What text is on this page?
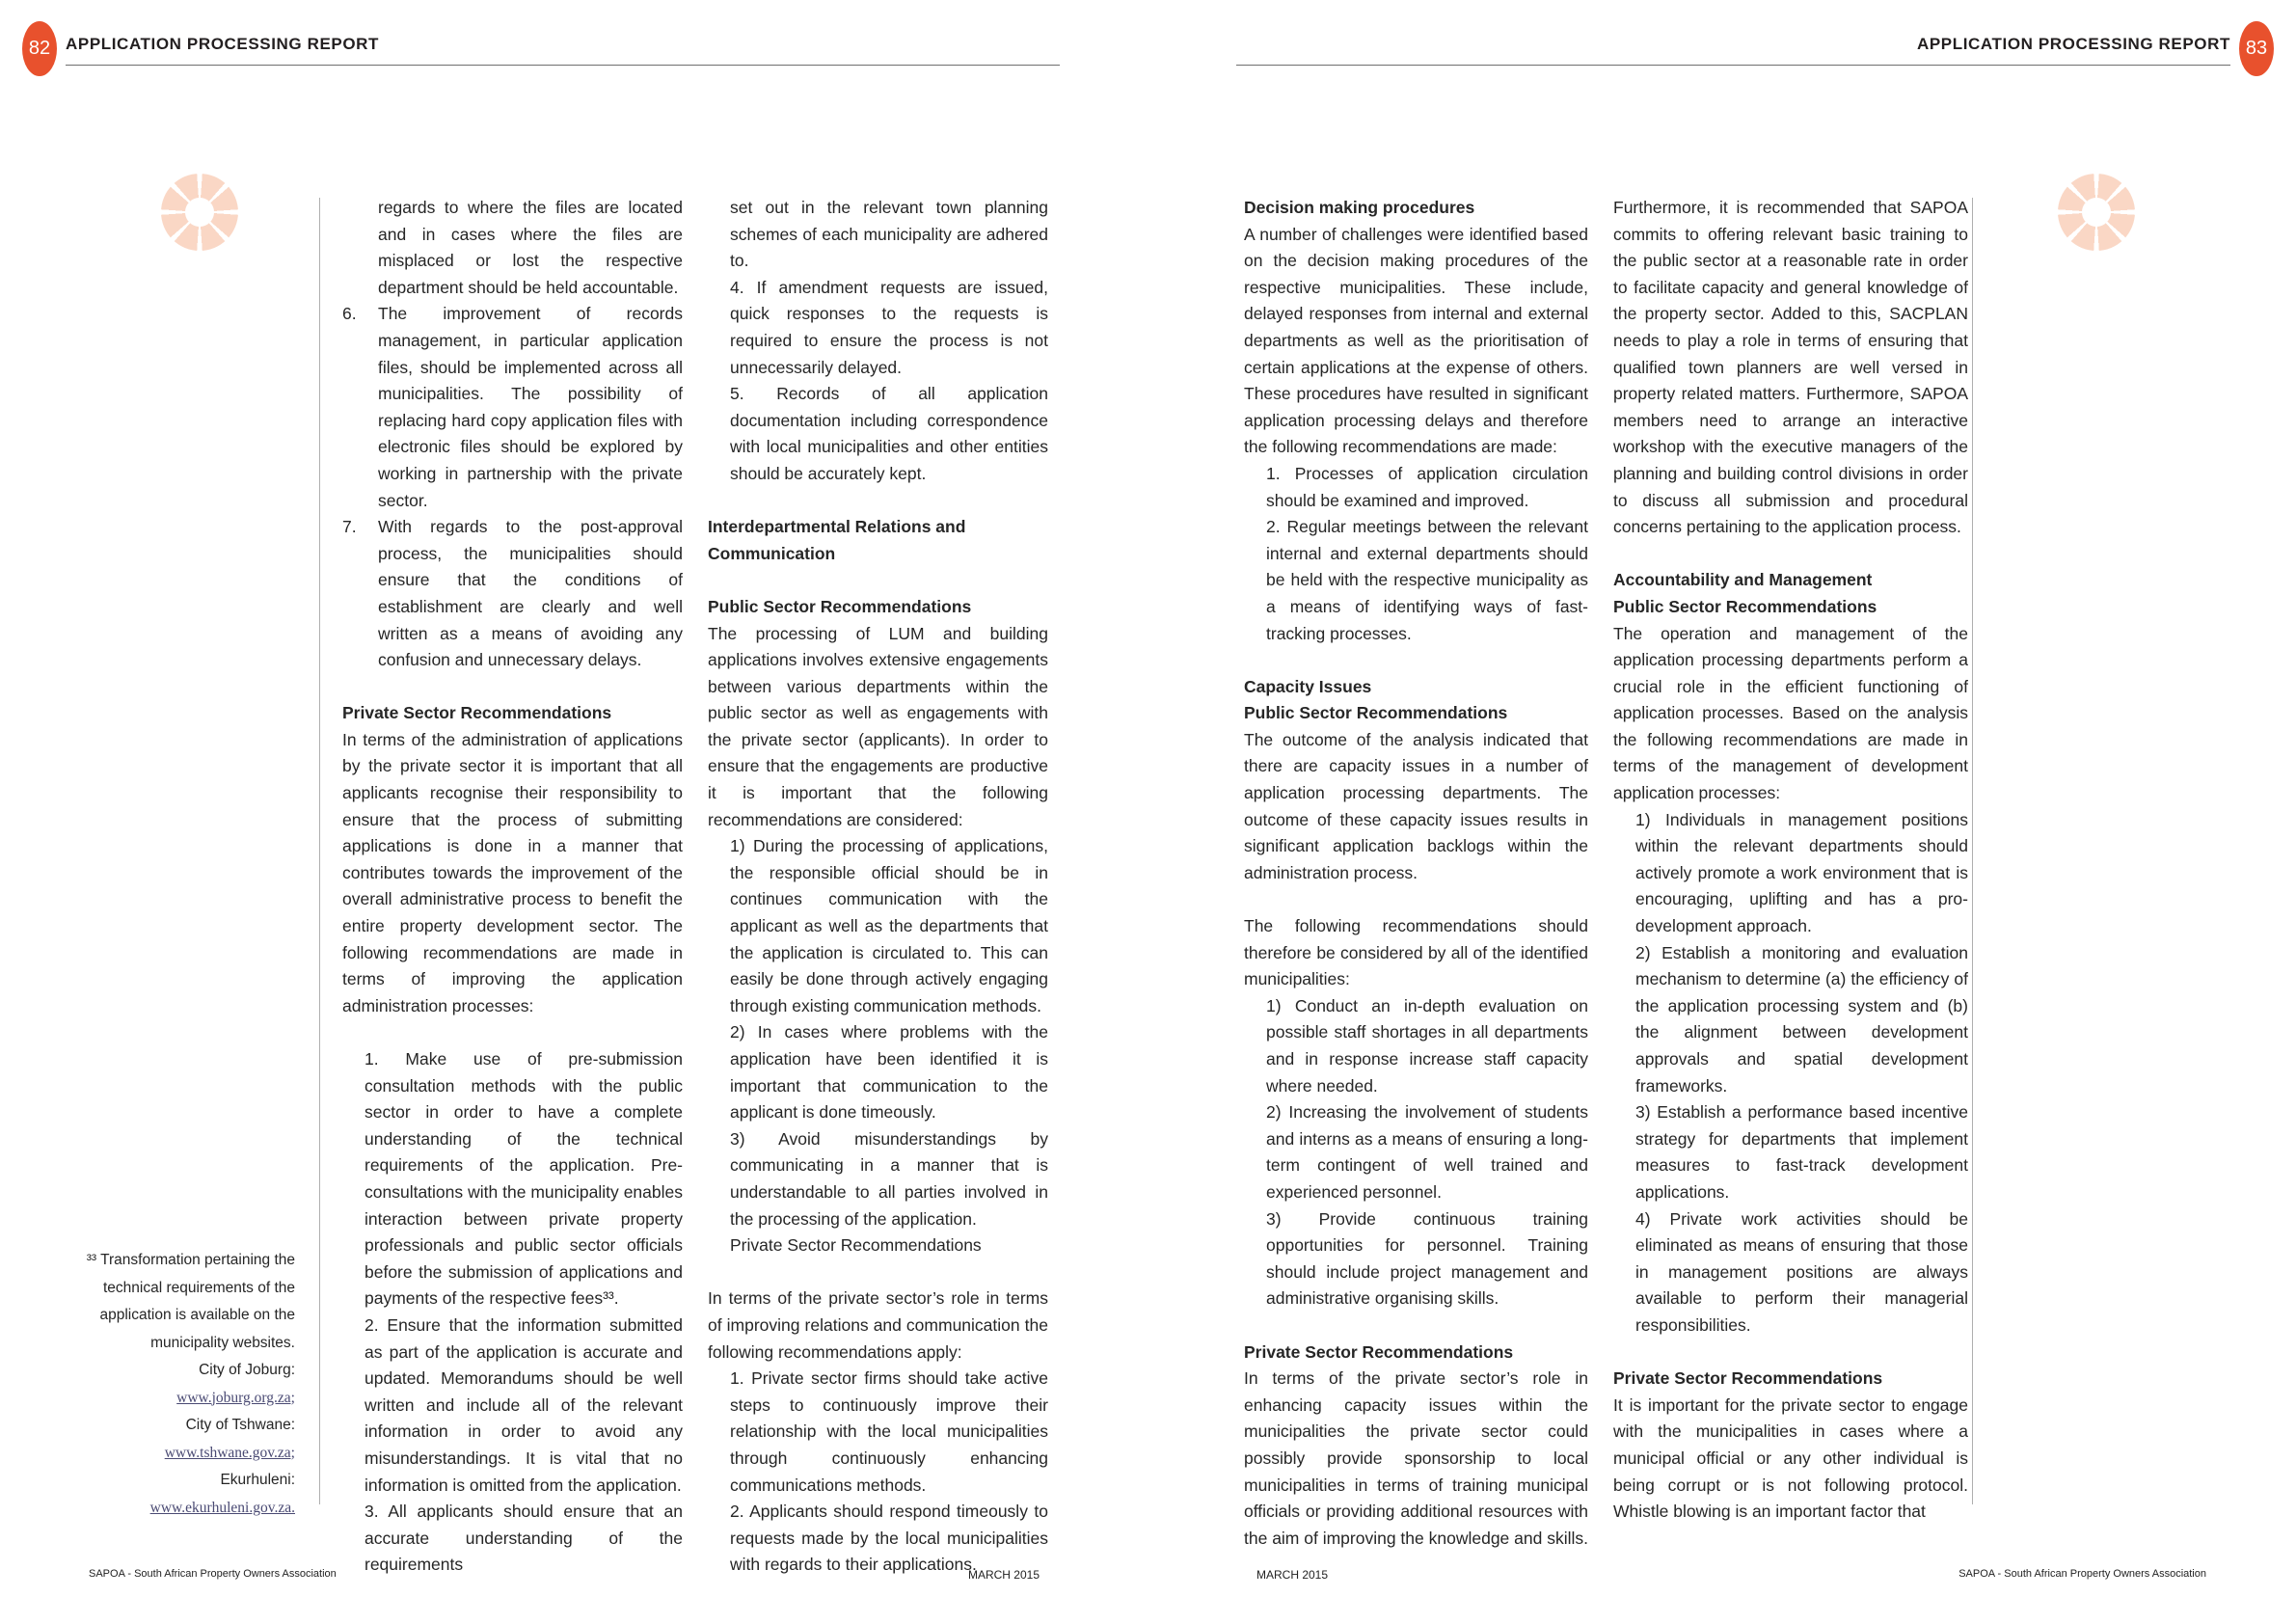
82 APPLICATION PROCESSING REPORT
regards to where the files are located and in cases where the files are misplaced or lost the respective department should be held accountable.
6.	The improvement of records management, in particular application files, should be implemented across all municipalities. The possibility of replacing hard copy application files with electronic files should be explored by working in partnership with the private sector.
7.	With regards to the post-approval process, the municipalities should ensure that the conditions of establishment are clearly and well written as a means of avoiding any confusion and unnecessary delays.
Private Sector Recommendations
In terms of the administration of applications by the private sector it is important that all applicants recognise their responsibility to ensure that the process of submitting applications is done in a manner that contributes towards the improvement of the overall administrative process to benefit the entire property development sector. The following recommendations are made in terms of improving the application administration processes:
1. Make use of pre-submission consultation methods with the public sector in order to have a complete understanding of the technical requirements of the application. Pre-consultations with the municipality enables interaction between private property professionals and public sector officials before the submission of applications and payments of the respective fees³³.
2. Ensure that the information submitted as part of the application is accurate and updated. Memorandums should be well written and include all of the relevant information in order to avoid any misunderstandings. It is vital that no information is omitted from the application.
3. All applicants should ensure that an accurate understanding of the requirements
set out in the relevant town planning schemes of each municipality are adhered to.
4. If amendment requests are issued, quick responses to the requests is required to ensure the process is not unnecessarily delayed.
5. Records of all application documentation including correspondence with local municipalities and other entities should be accurately kept.
Interdepartmental Relations and Communication
Public Sector Recommendations
The processing of LUM and building applications involves extensive engagements between various departments within the public sector as well as engagements with the private sector (applicants). In order to ensure that the engagements are productive it is important that the following recommendations are considered:
1) During the processing of applications, the responsible official should be in continues communication with the applicant as well as the departments that the application is circulated to. This can easily be done through actively engaging through existing communication methods.
2) In cases where problems with the application have been identified it is important that communication to the applicant is done timeously.
3) Avoid misunderstandings by communicating in a manner that is understandable to all parties involved in the processing of the application.
Private Sector Recommendations
In terms of the private sector’s role in terms of improving relations and communication the following recommendations apply:
1. Private sector firms should take active steps to continuously improve their relationship with the local municipalities through continuously enhancing communications methods.
2. Applicants should respond timeously to requests made by the local municipalities with regards to their applications.
³³ Transformation pertaining the
technical requirements of the
application is available on the
municipality websites.
City of Joburg:
www.joburg.org.za;
City of Tshwane:
www.tshwane.gov.za;
Ekurhuleni:
www.ekurhuleni.gov.za.
SAPOA - South African Property Owners Association	MARCH 2015
APPLICATION PROCESSING REPORT 83
Decision making procedures
A number of challenges were identified based on the decision making procedures of the respective municipalities. These include, delayed responses from internal and external departments as well as the prioritisation of certain applications at the expense of others. These procedures have resulted in significant application processing delays and therefore the following recommendations are made:
1. Processes of application circulation should be examined and improved.
2. Regular meetings between the relevant internal and external departments should be held with the respective municipality as a means of identifying ways of fast-tracking processes.
Capacity Issues
Public Sector Recommendations
The outcome of the analysis indicated that there are capacity issues in a number of application processing departments. The outcome of these capacity issues results in significant application backlogs within the administration process.
The following recommendations should therefore be considered by all of the identified municipalities:
1) Conduct an in-depth evaluation on possible staff shortages in all departments and in response increase staff capacity where needed.
2) Increasing the involvement of students and interns as a means of ensuring a long-term contingent of well trained and experienced personnel.
3) Provide continuous training opportunities for personnel. Training should include project management and administrative organising skills.
Private Sector Recommendations
In terms of the private sector’s role in enhancing capacity issues within the municipalities the private sector could possibly provide sponsorship to local municipalities in terms of training municipal officials or providing additional resources with the aim of improving the knowledge and skills.
Furthermore, it is recommended that SAPOA commits to offering relevant basic training to the public sector at a reasonable rate in order to facilitate capacity and general knowledge of the property sector. Added to this, SACPLAN needs to play a role in terms of ensuring that qualified town planners are well versed in property related matters. Furthermore, SAPOA members need to arrange an interactive workshop with the executive managers of the planning and building control divisions in order to discuss all submission and procedural concerns pertaining to the application process.
Accountability and Management
Public Sector Recommendations
The operation and management of the application processing departments perform a crucial role in the efficient functioning of application processes. Based on the analysis the following recommendations are made in terms of the management of development application processes:
1) Individuals in management positions within the relevant departments should actively promote a work environment that is encouraging, uplifting and has a pro-development approach.
2) Establish a monitoring and evaluation mechanism to determine (a) the efficiency of the application processing system and (b) the alignment between development approvals and spatial development frameworks.
3) Establish a performance based incentive strategy for departments that implement measures to fast-track development applications.
4) Private work activities should be eliminated as means of ensuring that those in management positions are always available to perform their managerial responsibilities.
Private Sector Recommendations
It is important for the private sector to engage with the municipalities in cases where a municipal official or any other individual is being corrupt or is not following protocol. Whistle blowing is an important factor that
MARCH 2015	SAPOA - South African Property Owners Association
